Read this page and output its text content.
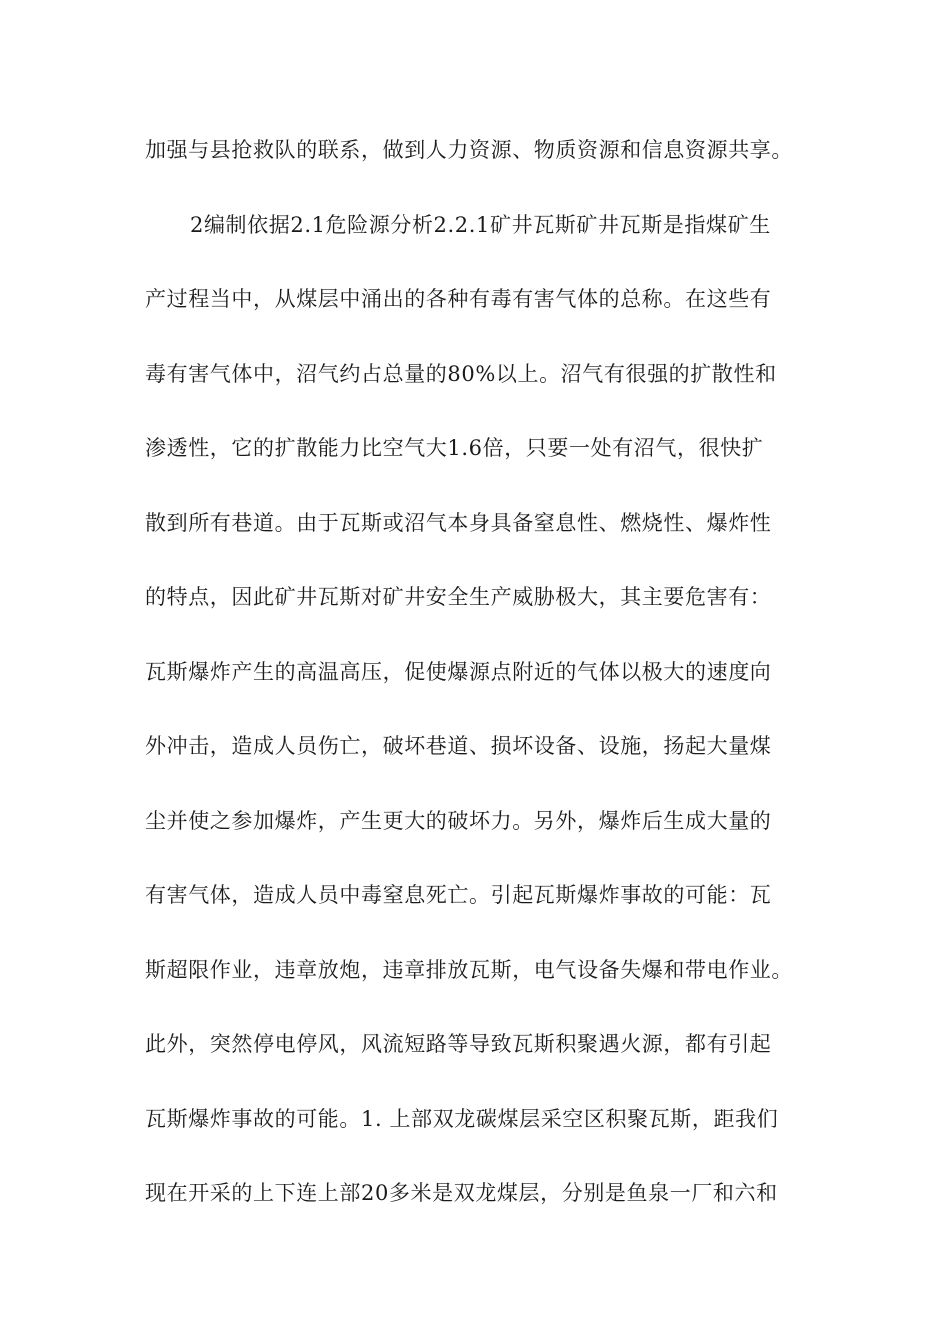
加强与县抢救队的联系，做到人力资源、物质资源和信息资源共享。
2编制依据2.1危险源分析2.2.1矿井瓦斯矿井瓦斯是指煤矿生
产过程当中，从煤层中涌出的各种有毒有害气体的总称。在这些有
毒有害气体中，沼气约占总量的80%以上。沼气有很强的扩散性和
渗透性，它的扩散能力比空气大1.6倍，只要一处有沼气，很快扩
散到所有巷道。由于瓦斯或沼气本身具备窒息性、燃烧性、爆炸性
的特点，因此矿井瓦斯对矿井安全生产威胁极大，其主要危害有：
瓦斯爆炸产生的高温高压，促使爆源点附近的气体以极大的速度向
外冲击，造成人员伤亡，破坏巷道、损坏设备、设施，扬起大量煤
尘并使之参加爆炸，产生更大的破坏力。另外，爆炸后生成大量的
有害气体，造成人员中毒窒息死亡。引起瓦斯爆炸事故的可能：瓦
斯超限作业，违章放炮，违章排放瓦斯，电气设备失爆和带电作业。
此外，突然停电停风，风流短路等导致瓦斯积聚遇火源，都有引起
瓦斯爆炸事故的可能。1. 上部双龙碳煤层采空区积聚瓦斯，距我们
现在开采的上下连上部20多米是双龙煤层，分别是鱼泉一厂和六和
